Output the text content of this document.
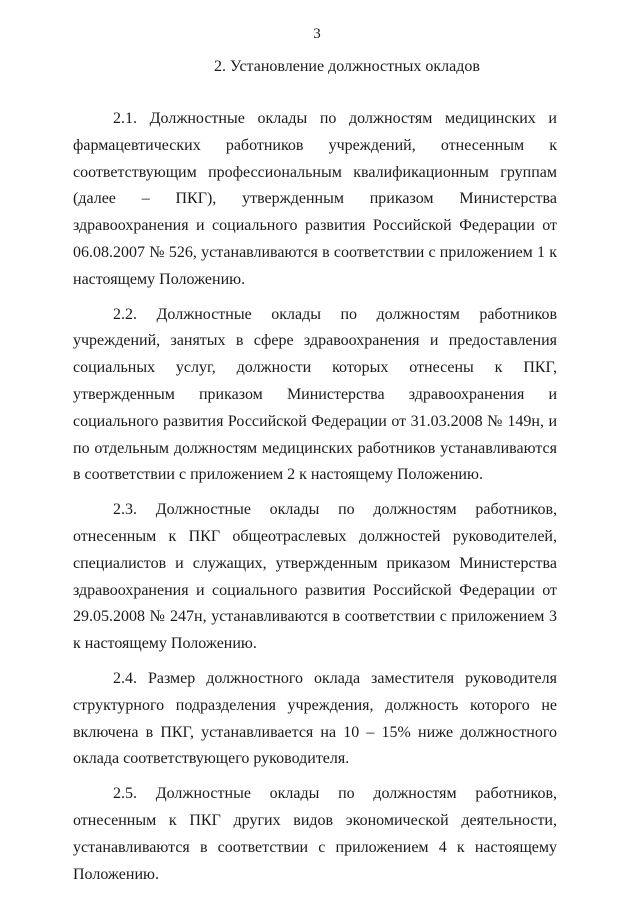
3
2. Установление должностных окладов

2.1. Должностные оклады по должностям медицинских и фармацевтических работников учреждений, отнесенным к соответствующим профессиональным квалификационным группам (далее – ПКГ), утвержденным приказом Министерства здравоохранения и социального развития Российской Федерации от 06.08.2007 № 526, устанавливаются в соответствии с приложением 1 к настоящему Положению.

2.2. Должностные оклады по должностям работников учреждений, занятых в сфере здравоохранения и предоставления социальных услуг, должности которых отнесены к ПКГ, утвержденным приказом Министерства здравоохранения и социального развития Российской Федерации от 31.03.2008 № 149н, и по отдельным должностям медицинских работников устанавливаются в соответствии с приложением 2 к настоящему Положению.

2.3. Должностные оклады по должностям работников, отнесенным к ПКГ общеотраслевых должностей руководителей, специалистов и служащих, утвержденным приказом Министерства здравоохранения и социального развития Российской Федерации от 29.05.2008 № 247н, устанавливаются в соответствии с приложением 3 к настоящему Положению.

2.4. Размер должностного оклада заместителя руководителя структурного подразделения учреждения, должность которого не включена в ПКГ, устанавливается на 10 – 15% ниже должностного оклада соответствующего руководителя.

2.5. Должностные оклады по должностям работников, отнесенным к ПКГ других видов экономической деятельности, устанавливаются в соответствии с приложением 4 к настоящему Положению.
